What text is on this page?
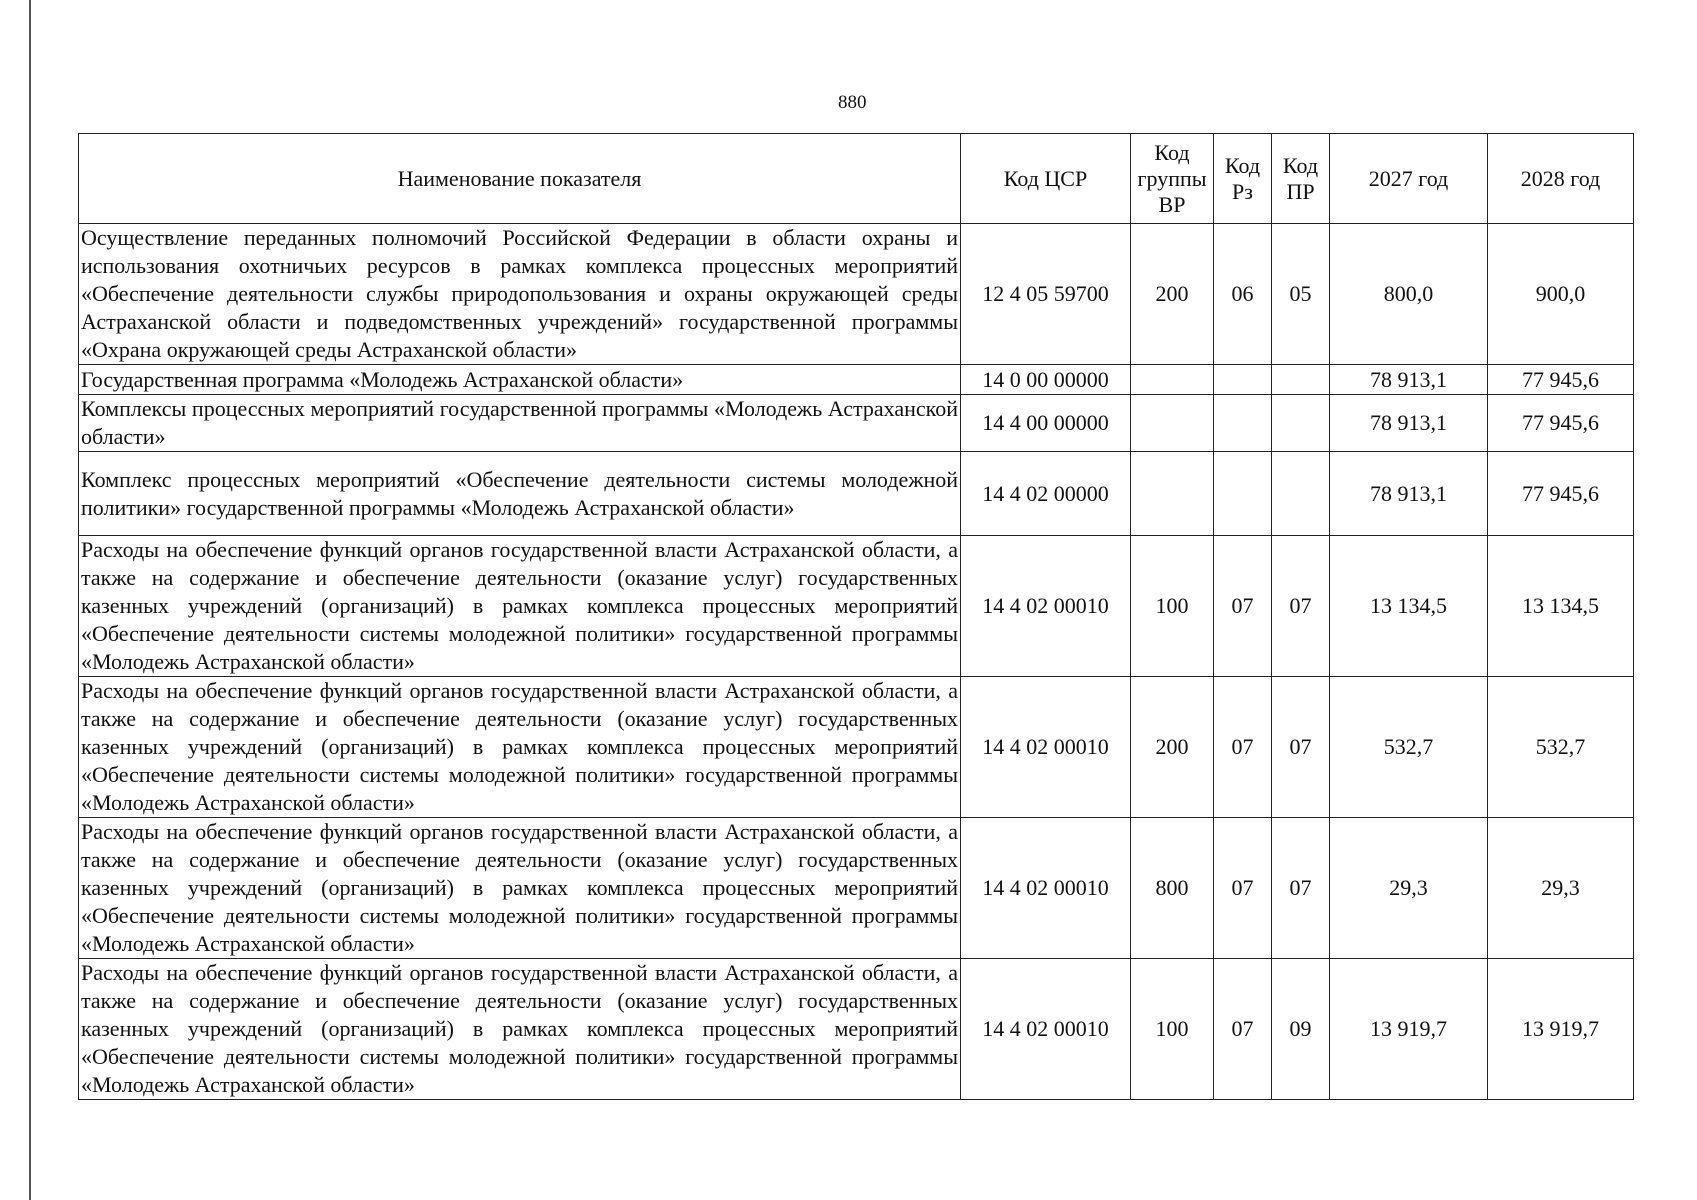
880
Наименование показателя	Код ЦСР	Код группы ВР	Код Рз	Код ПР	2027 год	2028 год
Осуществление переданных полномочий Российской Федерации в области охраны и использования охотничьих ресурсов в рамках комплекса процессных мероприятий «Обеспечение деятельности службы природопользования и охраны окружающей среды Астраханской области и подведомственных учреждений» государственной программы «Охрана окружающей среды Астраханской области»	12 4 05 59700	200	06	05	800,0	900,0
Государственная программа «Молодежь Астраханской области»	14 0 00 00000				78 913,1	77 945,6
Комплексы процессных мероприятий государственной программы «Молодежь Астраханской области»	14 4 00 00000				78 913,1	77 945,6
Комплекс процессных мероприятий «Обеспечение деятельности системы молодежной политики» государственной программы «Молодежь Астраханской области»	14 4 02 00000				78 913,1	77 945,6
Расходы на обеспечение функций органов государственной власти Астраханской области, а также на содержание и обеспечение деятельности (оказание услуг) государственных казенных учреждений (организаций) в рамках комплекса процессных мероприятий «Обеспечение деятельности системы молодежной политики» государственной программы «Молодежь Астраханской области»	14 4 02 00010	100	07	07	13 134,5	13 134,5
Расходы на обеспечение функций органов государственной власти Астраханской области, а также на содержание и обеспечение деятельности (оказание услуг) государственных казенных учреждений (организаций) в рамках комплекса процессных мероприятий «Обеспечение деятельности системы молодежной политики» государственной программы «Молодежь Астраханской области»	14 4 02 00010	200	07	07	532,7	532,7
Расходы на обеспечение функций органов государственной власти Астраханской области, а также на содержание и обеспечение деятельности (оказание услуг) государственных казенных учреждений (организаций) в рамках комплекса процессных мероприятий «Обеспечение деятельности системы молодежной политики» государственной программы «Молодежь Астраханской области»	14 4 02 00010	800	07	07	29,3	29,3
Расходы на обеспечение функций органов государственной власти Астраханской области, а также на содержание и обеспечение деятельности (оказание услуг) государственных казенных учреждений (организаций) в рамках комплекса процессных мероприятий «Обеспечение деятельности системы молодежной политики» государственной программы «Молодежь Астраханской области»	14 4 02 00010	100	07	09	13 919,7	13 919,7
